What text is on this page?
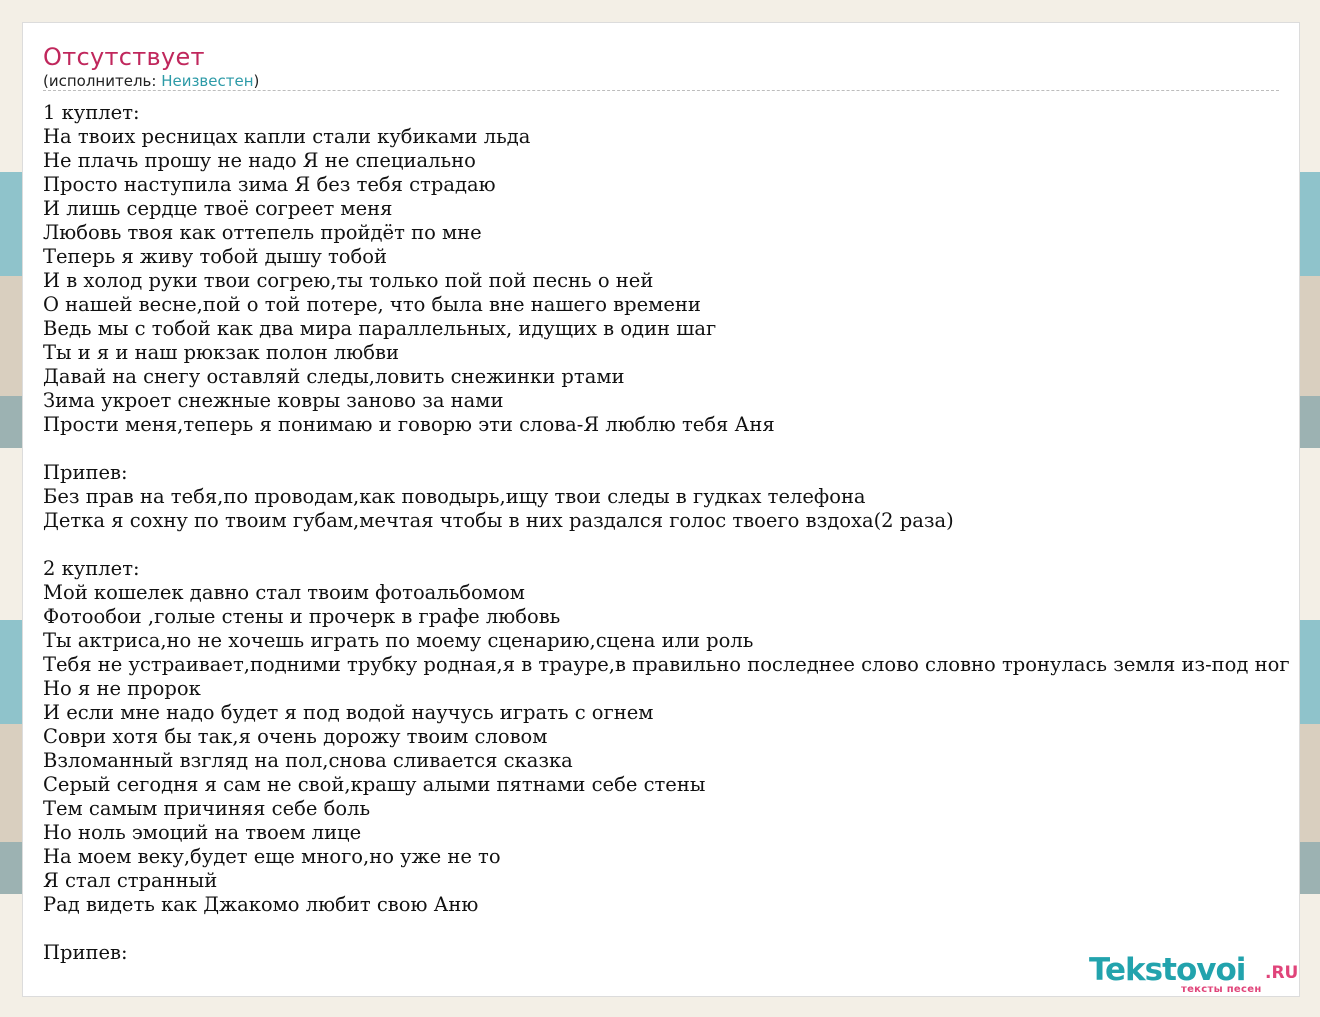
Отсутствует
(исполнитель: Неизвестен)
1 куплет:
На твоих ресницах капли стали кубиками льда
Не плачь прошу не надо Я не специально
Просто наступила зима Я без тебя страдаю
И лишь сердце твоё согреет меня
Любовь твоя как оттепель пройдёт по мне
Теперь я живу тобой дышу тобой
И в холод руки твои согрею,ты только пой пой песнь о ней
О нашей весне,пой о той потере, что была вне нашего времени
Ведь мы с тобой как два мира параллельных, идущих в один шаг
Ты и я и наш рюкзак полон любви
Давай на снегу оставляй следы,ловить снежинки ртами
Зима укроет снежные ковры заново за нами
Прости меня,теперь я понимаю и говорю эти слова-Я люблю тебя Аня

Припев:
Без прав на тебя,по проводам,как поводырь,ищу твои следы в гудках телефона
Детка я сохну по твоим губам,мечтая чтобы в них раздался голос твоего вздоха(2 раза)

2 куплет:
Мой кошелек давно стал твоим фотоальбомом
Фотообои ,голые стены и прочерк в графе любовь
Ты актриса,но не хочешь играть по моему сценарию,сцена или роль
Тебя не устраивает,подними трубку родная,я в трауре,в правильно последнее слово словно тронулась земля из-под ног
Но я не пророк
И если мне надо будет я под водой научусь играть с огнем
Соври хотя бы так,я очень дорожу твоим словом
Взломанный взгляд на пол,снова сливается сказка
Серый сегодня я сам не свой,крашу алыми пятнами себе стены
Тем самым причиняя себе боль
Но ноль эмоций на твоем лице
На моем веку,будет еще много,но уже не то
Я стал странный
Рад видеть как Джакомо любит свою Аню

Припев:	Tekstovoi .RU
тексты песен
